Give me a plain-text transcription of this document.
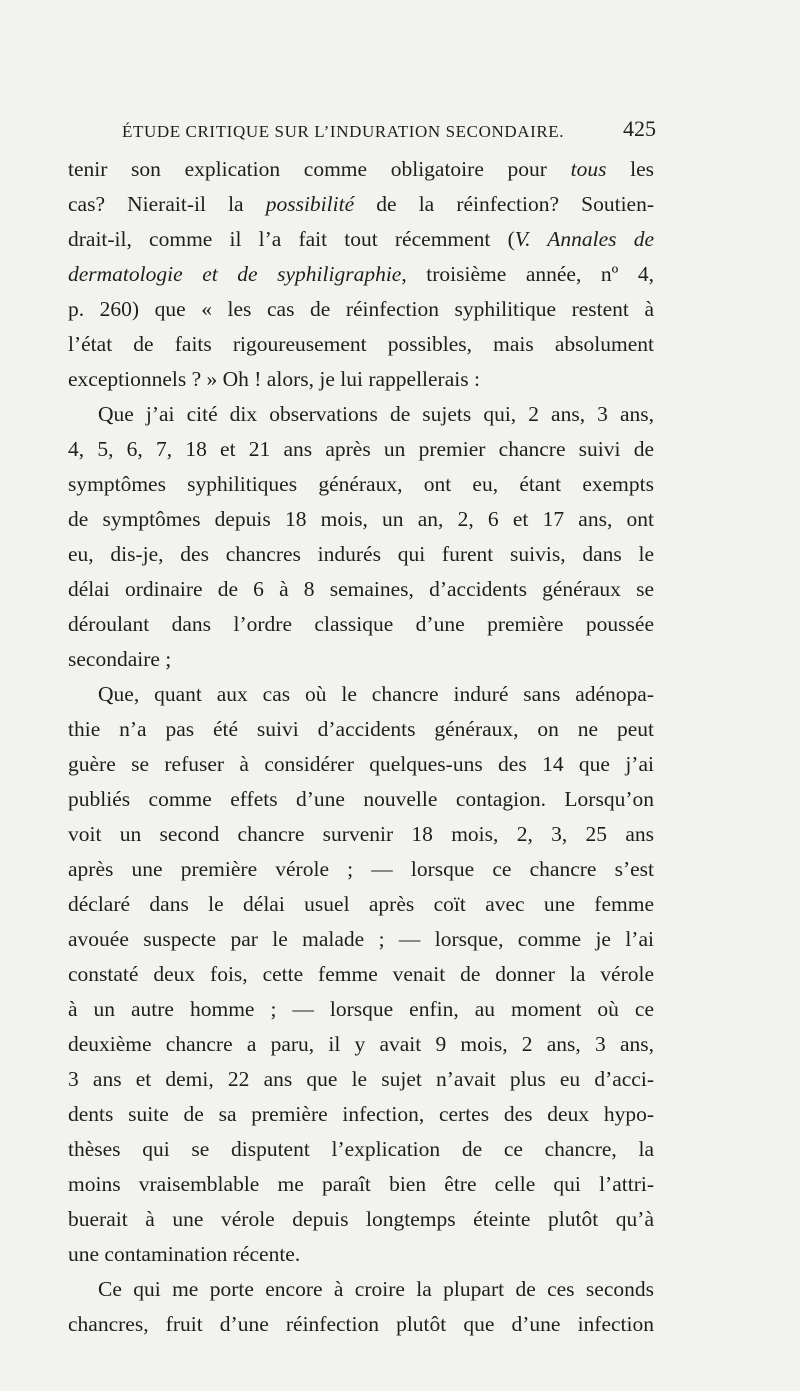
ÉTUDE CRITIQUE SUR L’INDURATION SECONDAIRE.	425
tenir son explication comme obligatoire pour tous les
cas? Nierait-il la possibilité de la réinfection? Soutien-
drait-il, comme il l’a fait tout récemment (V. Annales de
dermatologie et de syphiligraphie, troisième année, nº 4,
p. 260) que « les cas de réinfection syphilitique restent à
l’état de faits rigoureusement possibles, mais absolument
exceptionnels ? » Oh ! alors, je lui rappellerais :
Que j’ai cité dix observations de sujets qui, 2 ans, 3 ans,
4, 5, 6, 7, 18 et 21 ans après un premier chancre suivi de
symptômes syphilitiques généraux, ont eu, étant exempts
de symptômes depuis 18 mois, un an, 2, 6 et 17 ans, ont
eu, dis-je, des chancres indurés qui furent suivis, dans le
délai ordinaire de 6 à 8 semaines, d’accidents généraux se
déroulant dans l’ordre classique d’une première poussée
secondaire ;
Que, quant aux cas où le chancre induré sans adénopa-
thie n’a pas été suivi d’accidents généraux, on ne peut
guère se refuser à considérer quelques-uns des 14 que j’ai
publiés comme effets d’une nouvelle contagion. Lorsqu’on
voit un second chancre survenir 18 mois, 2, 3, 25 ans
après une première vérole ; — lorsque ce chancre s’est
déclaré dans le délai usuel après coït avec une femme
avouée suspecte par le malade ; — lorsque, comme je l’ai
constaté deux fois, cette femme venait de donner la vérole
à un autre homme ; — lorsque enfin, au moment où ce
deuxième chancre a paru, il y avait 9 mois, 2 ans, 3 ans,
3 ans et demi, 22 ans que le sujet n’avait plus eu d’acci-
dents suite de sa première infection, certes des deux hypo-
thèses qui se disputent l’explication de ce chancre, la
moins vraisemblable me paraît bien être celle qui l’attri-
buerait à une vérole depuis longtemps éteinte plutôt qu’à
une contamination récente.
Ce qui me porte encore à croire la plupart de ces seconds
chancres, fruit d’une réinfection plutôt que d’une infection
